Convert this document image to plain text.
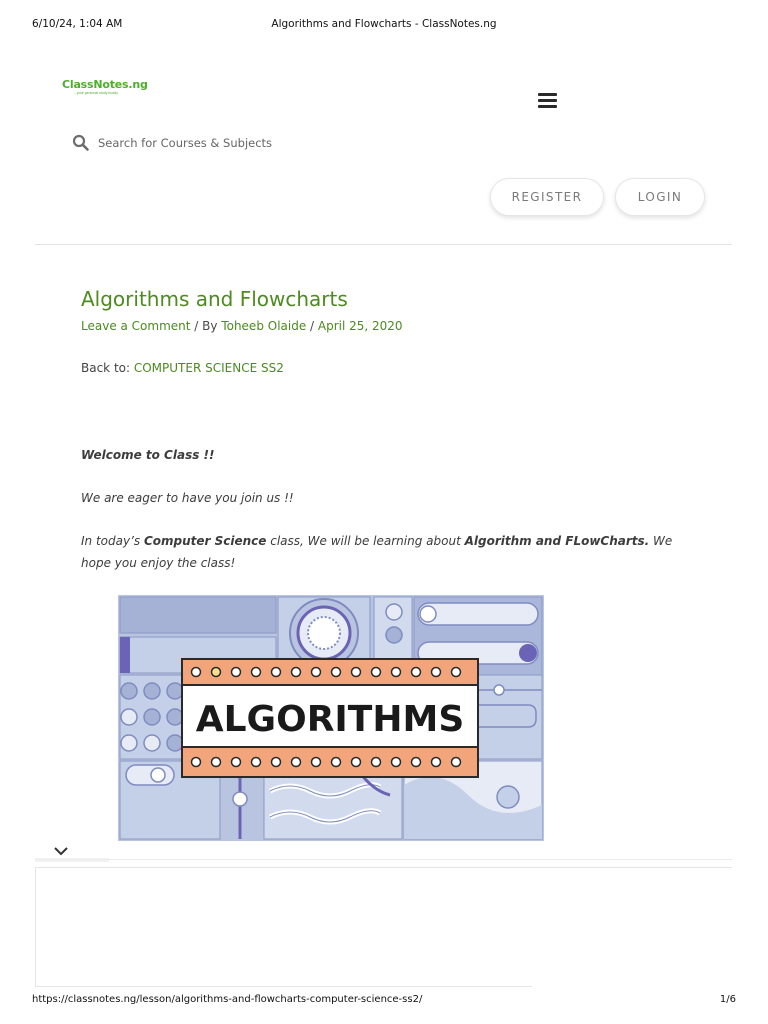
6/10/24, 1:04 AM	Algorithms and Flowcharts - ClassNotes.ng
ClassNotes.ng
...your personal study buddy
Search for Courses & Subjects
REGISTER	LOGIN
Algorithms and Flowcharts
Leave a Comment / By Toheeb Olaide / April 25, 2020
Back to: COMPUTER SCIENCE SS2

Welcome to Class !!

We are eager to have you join us !!

In today’s Computer Science class, We will be learning about Algorithm and FLowCharts. We hope you enjoy the class!

ALGORITHMS
https://classnotes.ng/lesson/algorithms-and-flowcharts-computer-science-ss2/	1/6
